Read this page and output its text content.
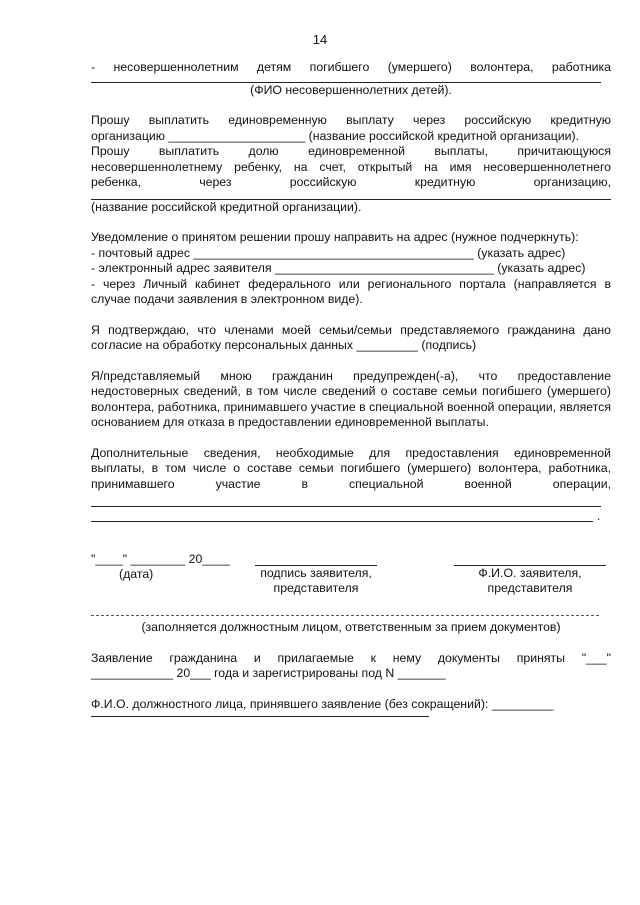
14

- несовершеннолетним детям погибшего (умершего) волонтера, работника

(ФИО несовершеннолетних детей).

Прошу выплатить единовременную выплату через российскую кредитную

организацию ____________________ (название российской кредитной организации).

Прошу выплатить долю единовременной выплаты, причитающуюся

несовершеннолетнему ребенку, на счет, открытый на имя несовершеннолетнего

ребенка, через российскую кредитную организацию,

(название российской кредитной организации).

Уведомление о принятом решении прошу направить на адрес (нужное подчеркнуть):

- почтовый адрес _________________________________________ (указать адрес)

- электронный адрес заявителя ________________________________ (указать адрес)

- через Личный кабинет федерального или регионального портала (направляется в случае подачи заявления в электронном виде).

Я подтверждаю, что членами моей семьи/семьи представляемого гражданина дано согласие на обработку персональных данных _________ (подпись)

Я/представляемый мною гражданин предупрежден(-а), что предоставление недостоверных сведений, в том числе сведений о составе семьи погибшего (умершего) волонтера, работника, принимавшего участие в специальной военной операции, является основанием для отказа в предоставлении единовременной выплаты.

Дополнительные сведения, необходимые для предоставления единовременной

выплаты, в том числе о составе семьи погибшего (умершего) волонтера, работника,

принимавшего участие в специальной военной операции,

.
"____" ________ 20____
(дата)	подпись заявителя, представителя
Ф.И.О. заявителя, представителя

(заполняется должностным лицом, ответственным за прием документов)

Заявление гражданина и прилагаемые к нему документы приняты "___"

____________ 20___ года и зарегистрированы под N _______

Ф.И.О. должностного лица, принявшего заявление (без сокращений): _________
